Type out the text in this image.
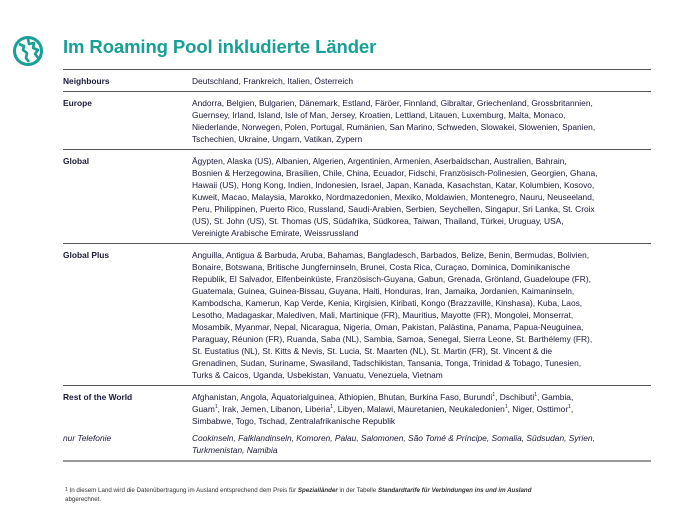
Im Roaming Pool inkludierte Länder
Neighbours	Deutschland, Frankreich, Italien, Österreich
Europe	Andorra, Belgien, Bulgarien, Dänemark, Estland, Färöer, Finnland, Gibraltar, Griechenland, Grossbritannien,
Guernsey, Irland, Island, Isle of Man, Jersey, Kroatien, Lettland, Litauen, Luxemburg, Malta, Monaco,
Niederlande, Norwegen, Polen, Portugal, Rumänien, San Marino, Schweden, Slowakei, Slowenien, Spanien,
Tschechien, Ukraine, Ungarn, Vatikan, Zypern
Global	Ägypten, Alaska (US), Albanien, Algerien, Argentinien, Armenien, Aserbaidschan, Australien, Bahrain,
Bosnien & Herzegowina, Brasilien, Chile, China, Ecuador, Fidschi, Französisch-Polinesien, Georgien, Ghana,
Hawaii (US), Hong Kong, Indien, Indonesien, Israel, Japan, Kanada, Kasachstan, Katar, Kolumbien, Kosovo,
Kuweit, Macao, Malaysia, Marokko, Nordmazedonien, Mexiko, Moldawien, Montenegro, Nauru, Neuseeland,
Peru, Philippinen, Puerto Rico, Russland, Saudi-Arabien, Serbien, Seychellen, Singapur, Sri Lanka, St. Croix
(US), St. John (US), St. Thomas (US, Südafrika, Südkorea, Taiwan, Thailand, Türkei, Uruguay, USA,
Vereinigte Arabische Emirate, Weissrussland
Global Plus	Anguilla, Antigua & Barbuda, Aruba, Bahamas, Bangladesch, Barbados, Belize, Benin, Bermudas, Bolivien,
Bonaire, Botswana, Britische Jungferninseln, Brunei, Costa Rica, Curaçao, Dominica, Dominikanische
Republik, El Salvador, Elfenbeinküste, Französisch-Guyana, Gabun, Grenada, Grönland, Guadeloupe (FR),
Guatemala, Guinea, Guinea-Bissau, Guyana, Haiti, Honduras, Iran, Jamaika, Jordanien, Kaimaninseln,
Kambodscha, Kamerun, Kap Verde, Kenia, Kirgisien, Kiribati, Kongo (Brazzaville, Kinshasa), Kuba, Laos,
Lesotho, Madagaskar, Malediven, Mali, Martinique (FR), Mauritius, Mayotte (FR), Mongolei, Monserrat,
Mosambik, Myanmar, Nepal, Nicaragua, Nigeria, Oman, Pakistan, Palästina, Panama, Papua-Neuguinea,
Paraguay, Réunion (FR), Ruanda, Saba (NL), Sambia, Samoa, Senegal, Sierra Leone, St. Barthélemy (FR),
St. Eustatius (NL), St. Kitts & Nevis, St. Lucia, St. Maarten (NL), St. Martin (FR), St. Vincent & die
Grenadinen, Sudan, Suriname, Swasiland, Tadschikistan, Tansania, Tonga, Trinidad & Tobago, Tunesien,
Turks & Caicos, Uganda, Usbekistan, Vanuatu, Venezuela, Vietnam
Rest of the World	Afghanistan, Angola, Äquatorialguinea, Äthiopien, Bhutan, Burkina Faso, Burundi$^1$, Dschibuti$^1$, Gambia,
Guam$^1$, Irak, Jemen, Libanon, Liberia$^1$, Libyen, Malawi, Mauretanien, Neukaledonien$^1$, Niger, Osttimor$^1$,
Simbabwe, Togo, Tschad, Zentralafrikanische Republik
nur Telefonie	Cookinseln, Falklandinseln, Komoren, Palau, Salomonen, São Tomé & Príncipe, Somalia, Südsudan, Syrien,
Turkmenistan, Namibia
$^1$ In diesem Land wird die Datenübertragung im Ausland entsprechend dem Preis für Spezialländer in der Tabelle Standardtarife für Verbindungen ins und im Ausland
abgerechnet.
